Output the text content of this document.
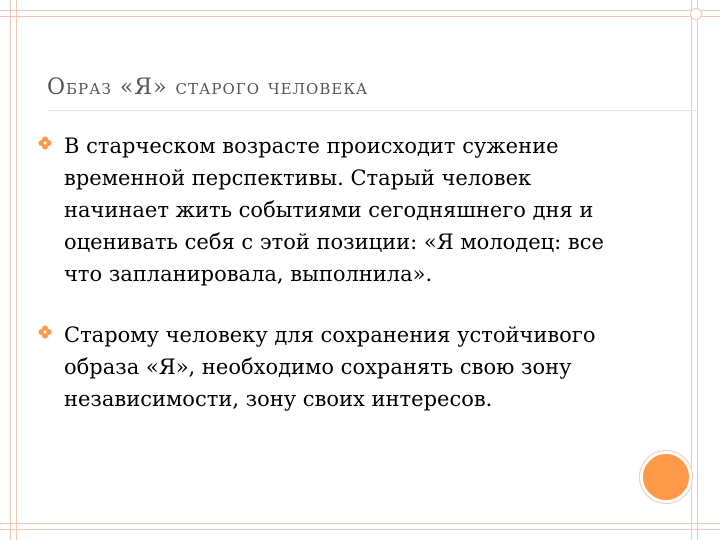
Образ «Я» старого человека
В старческом возрасте происходит сужение
временной перспективы. Старый человек
начинает жить событиями сегодняшнего дня и
оценивать себя с этой позиции: «Я молодец: все
что запланировала, выполнила».
Старому человеку для сохранения устойчивого
образа «Я», необходимо сохранять свою зону
независимости, зону своих интересов.
